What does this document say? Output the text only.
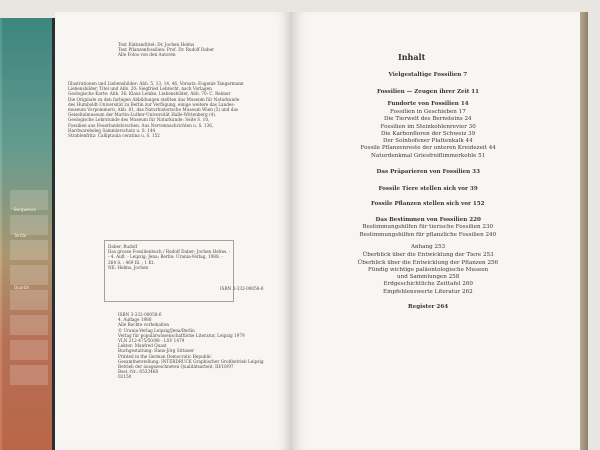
Bergwesen
Tertiär
Quartär
Text Einbandtitel: Dr. Jochen Helms
Text Pflanzenfossilien: Prof. Dr. Rudolf Daber
Alle Fotos von den Autoren
Illustrationen und Liebensbilder: Abb. 5, 13, 14, 46, Vorsatz: Eugenie Tangermann
Liebensbilder, Titel und Abb. 20: Siegfried Lebrecht, nach Vorlagen
Geologische Karte: Abb. 36: Klaus Lemke, Liebensbilder, Abb. 70: C. Reimer
Die Originale zu den farbigen Abbildungen stellten das Museum für Naturkunde
des Humboldt-Universität zu Berlin zur Verfügung, einige weitere das Landes-
museum Vorpommern, Abb. 81, das Naturhistorische Museum Wien (5) und das
Geiseltalmuseum der Martin-Luther-Universität Halle-Wittenberg (4).
Geologische Lehrstunde des Museum für Naturkunde: Seite S. 10,
Fossilien aus Feuerlandsforschen. Aus Nervennachrichten u. S. 136,
Hardwarebeleg Sammlerschatz u. S. 144
Strahlenfritz: Calliptaula ceratina u. S. 152
Daber, Rudolf
Das grosse Fossilienbuch / Rudolf Daber; Jochen Helms. -
- 4. Aufl. - Leipzig; Jena; Berlin: Urania-Verlag, 1988. -
264 S. : 469 Ill. ; 1 Kt.
NE: Helms, Jochen
ISBN 3-332-00058-6
ISBN 3-332-00058-6
4. Auflage 1988
Alle Rechte vorbehalten
© Urania-Verlag Leipzig/Jena/Berlin
Verlag für populärwissenschaftliche Literatur, Leipzig 1979
VLN 212-475/50/88 · LSV 1479
Lektor: Manfred Quast
Buchgestaltung: Hans-Jörg Sittauer
Printed in the German Democratic Republic
Gesamtherstellung: INTERDRUCK Graphischer Großbetrieb Leipzig
Betrieb der ausgezeichneten Qualitätsarbeit, III/18/97
Best.-Nr.: 6533468
02150
Inhalt
Vielgestaltige Fossilien 7
Fossilien — Zeugen ihrer Zeit 11
Fundorte von Fossilien 14
Fossilien in Geschieben 17
Die Tierwelt des Bernsteins 24
Fossilien im Steinkohlenrevier 30
Die Karbonfloren der Schweiz 39
Der Solnhofener Plattenkalk 44
Fossile Pflanzenreste der unteren Kreidezeit 44
Naturdenkmal Griesfreiflimmerkohle 51
Das Präparieren von Fossilien 33
Fossile Tiere stellen sich vor 39
Fossile Pflanzen stellen sich vor 152
Das Bestimmen von Fossilien 220
Bestimmungshilfen für tierische Fossilien 230
Bestimmungshilfen für pflanzliche Fossilien 240
Anhang 253
Überblick über die Entwicklung der Tiere 253
Überblick über die Entwicklung der Pflanzen 256
Fündig wichtige paläontologische Museen
und Sammlungen 258
Erdgeschichtliche Zeittafel 260
Empfehlenswerte Literatur 262
Register 264
